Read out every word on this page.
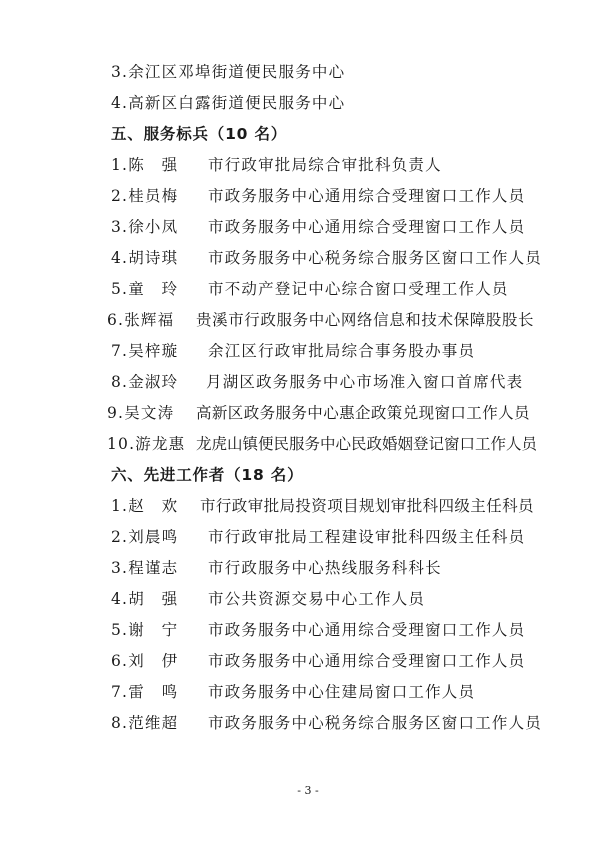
3.余江区邓埠街道便民服务中心
4.高新区白露街道便民服务中心
五、服务标兵（10 名）
1.陈　强 市行政审批局综合审批科负责人
2.桂员梅 市政务服务中心通用综合受理窗口工作人员
3.徐小凤 市政务服务中心通用综合受理窗口工作人员
4.胡诗琪 市政务服务中心税务综合服务区窗口工作人员
5.童　玲 市不动产登记中心综合窗口受理工作人员
6.张辉福 贵溪市行政服务中心网络信息和技术保障股股长
7.吴梓璇 余江区行政审批局综合事务股办事员
8.金淑玲 月湖区政务服务中心市场准入窗口首席代表
9.吴文涛 高新区政务服务中心惠企政策兑现窗口工作人员
10.游龙惠 龙虎山镇便民服务中心民政婚姻登记窗口工作人员
六、先进工作者（18 名）
1.赵　欢 市行政审批局投资项目规划审批科四级主任科员
2.刘晨鸣 市行政审批局工程建设审批科四级主任科员
3.程谨志 市行政服务中心热线服务科科长
4.胡　强 市公共资源交易中心工作人员
5.谢　宁 市政务服务中心通用综合受理窗口工作人员
6.刘　伊 市政务服务中心通用综合受理窗口工作人员
7.雷　鸣 市政务服务中心住建局窗口工作人员
8.范维超 市政务服务中心税务综合服务区窗口工作人员
- 3 -
